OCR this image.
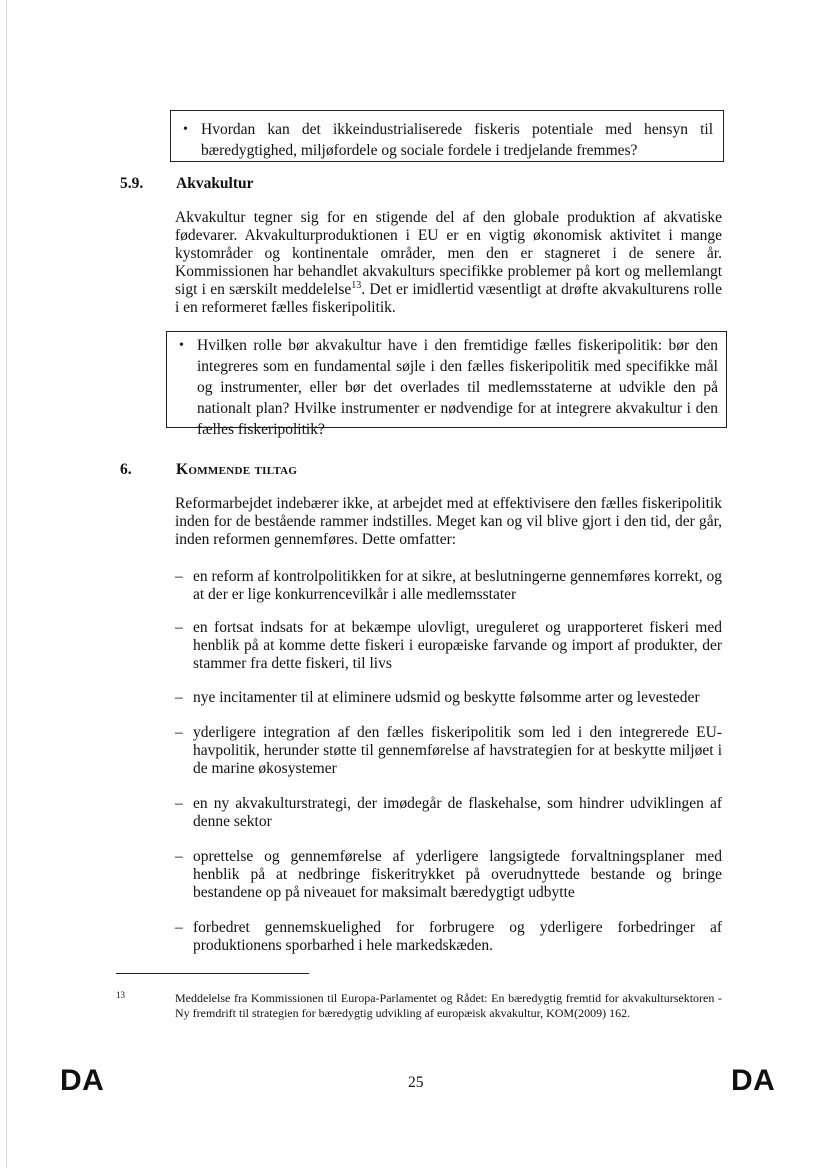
• Hvordan kan det ikkeindustrialiserede fiskeris potentiale med hensyn til bæredygtighed, miljøfordele og sociale fordele i tredjelande fremmes?
5.9. Akvakultur
Akvakultur tegner sig for en stigende del af den globale produktion af akvatiske fødevarer. Akvakulturproduktionen i EU er en vigtig økonomisk aktivitet i mange kystområder og kontinentale områder, men den er stagneret i de senere år. Kommissionen har behandlet akvakulturs specifikke problemer på kort og mellemlangt sigt i en særskilt meddelelse$^{13}$. Det er imidlertid væsentligt at drøfte akvakulturens rolle i en reformeret fælles fiskeripolitik.
• Hvilken rolle bør akvakultur have i den fremtidige fælles fiskeripolitik: bør den integreres som en fundamental søjle i den fælles fiskeripolitik med specifikke mål og instrumenter, eller bør det overlades til medlemsstaterne at udvikle den på nationalt plan? Hvilke instrumenter er nødvendige for at integrere akvakultur i den fælles fiskeripolitik?
6.	Kommende tiltag
Reformarbejdet indebærer ikke, at arbejdet med at effektivisere den fælles fiskeripolitik inden for de bestående rammer indstilles. Meget kan og vil blive gjort i den tid, der går, inden reformen gennemføres. Dette omfatter:
– en reform af kontrolpolitikken for at sikre, at beslutningerne gennemføres korrekt, og at der er lige konkurrencevilkår i alle medlemsstater
– en fortsat indsats for at bekæmpe ulovligt, ureguleret og urapporteret fiskeri med henblik på at komme dette fiskeri i europæiske farvande og import af produkter, der stammer fra dette fiskeri, til livs
– nye incitamenter til at eliminere udsmid og beskytte følsomme arter og levesteder
– yderligere integration af den fælles fiskeripolitik som led i den integrerede EU-havpolitik, herunder støtte til gennemførelse af havstrategien for at beskytte miljøet i de marine økosystemer
– en ny akvakulturstrategi, der imødegår de flaskehalse, som hindrer udviklingen af denne sektor
– oprettelse og gennemførelse af yderligere langsigtede forvaltningsplaner med henblik på at nedbringe fiskeritrykket på overudnyttede bestande og bringe bestandene op på niveauet for maksimalt bæredygtigt udbytte
– forbedret gennemskuelighed for forbrugere og yderligere forbedringer af produktionens sporbarhed i hele markedskæden.
13	Meddelelse fra Kommissionen til Europa-Parlamentet og Rådet: En bæredygtig fremtid for akvakultursektoren - Ny fremdrift til strategien for bæredygtig udvikling af europæisk akvakultur, KOM(2009) 162.
DA	25	DA
